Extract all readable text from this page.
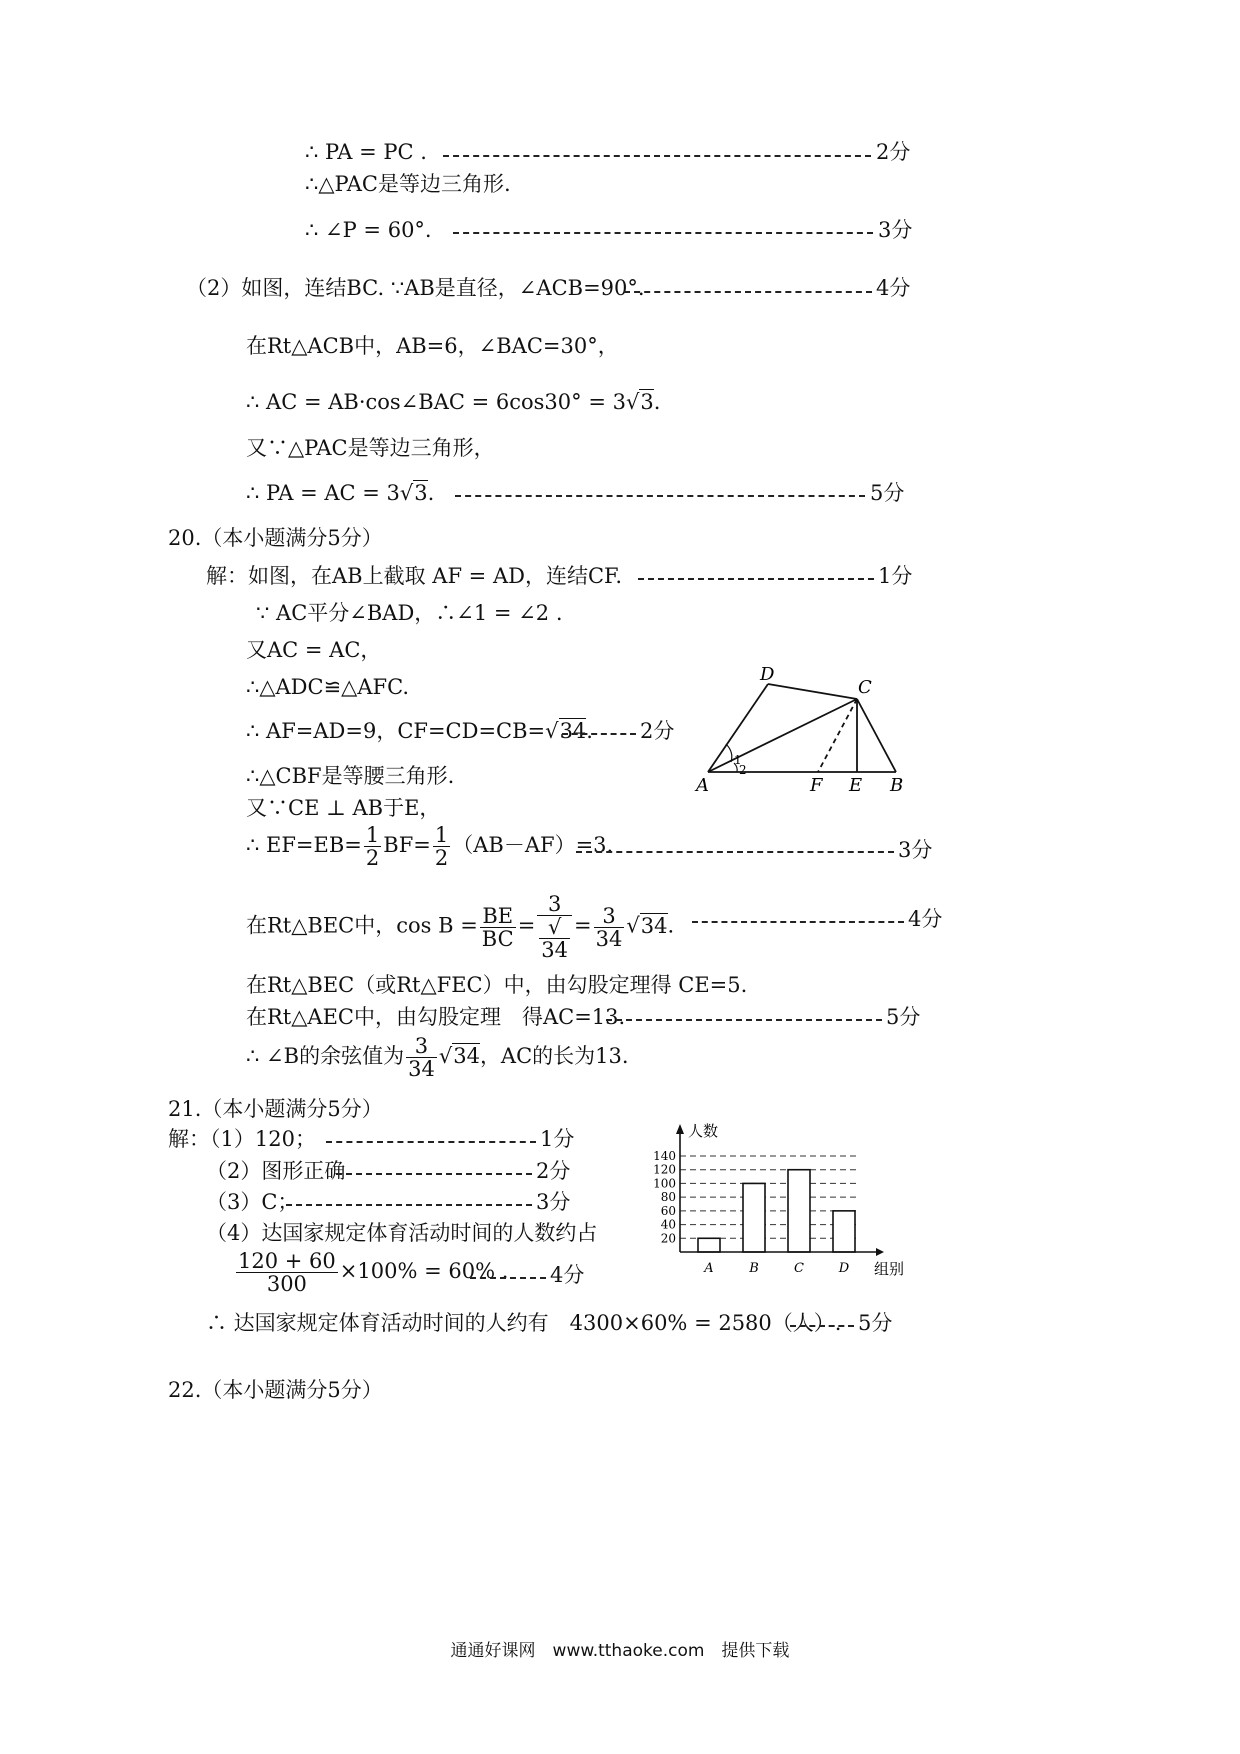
∴ PA = PC .	2分
∴△PAC是等边三角形.
∴ ∠P = 60°.	3分
（2）如图，连结BC. ∵AB是直径，∠ACB=90°.	4分
在Rt△ACB中，AB=6，∠BAC=30°，
∴ AC = AB·cos∠BAC = 6cos30° = 3√3.
又∵△PAC是等边三角形，
∴ PA = AC = 3√3.	5分
20.（本小题满分5分）
解：如图，在AB上截取 AF = AD，连结CF.	1分
∵ AC平分∠BAD，∴∠1 = ∠2 .
又AC = AC，
∴△ADC≌△AFC.
∴ AF=AD=9，CF=CD=CB=√34. 2分
∴△CBF是等腰三角形.
又∵CE ⊥ AB于E，
∴ $EF=EB= \frac{1}{2} BF= \frac{1}{2} (AB-AF)=3$.	3分
在Rt△BEC中，$\cos B = \frac{BE}{BC} = 3$
√
$34 = \frac{3}{34} √34$.	4分
在Rt△BEC（或Rt△FEC）中，由勾股定理得 CE=5.
在Rt△AEC中，由勾股定理　得AC=13.	5分
∴ ∠B的余弦值为 $\frac{3}{34} √34$，AC的长为13.
D
C
A	F E B
1
2
21.（本小题满分5分）
解：（1）120；	1分
（2）图形正确	2分
（3）C；	3分
（4）达国家规定体育活动时间的人数约占
$\frac{120 + 60}{300} \times 100\% = 60\%$ . 4分
∴ 达国家规定体育活动时间的人约有　4300×60% = 2580（人）. 5分
20
40
60
80
100
120
140
A	B	C	D
人数
组别
22.（本小题满分5分）
通通好课网　www.tthaoke.com　提供下载
